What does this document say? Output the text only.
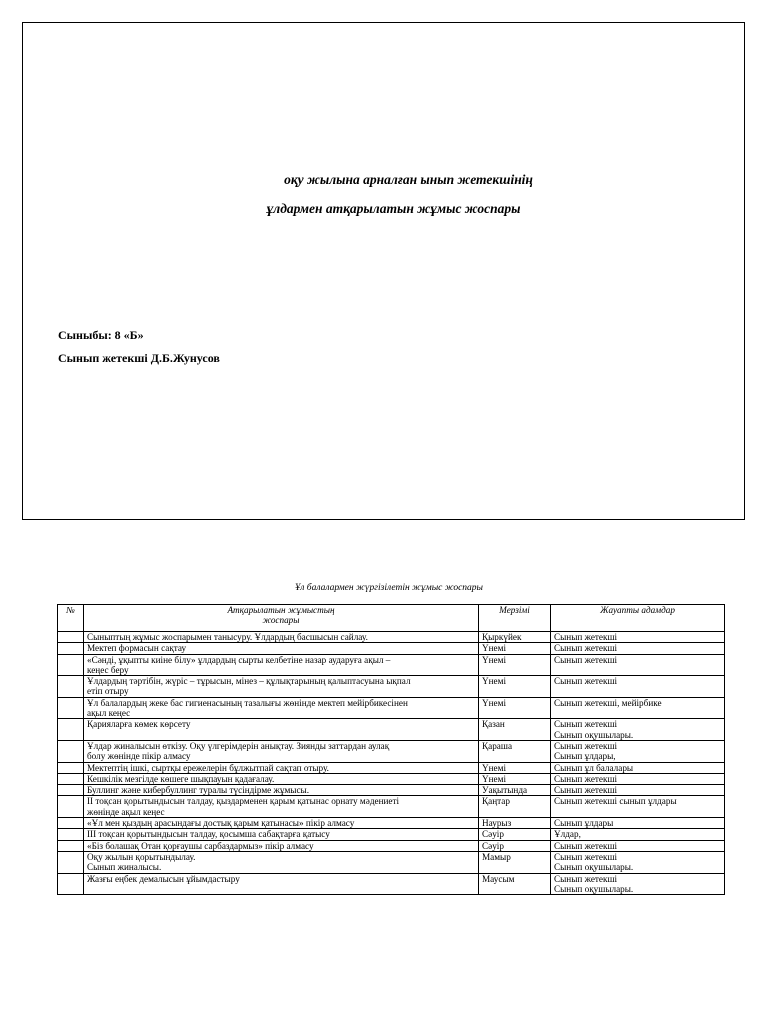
оқу жылына арналған ынып жетекшінің
ұлдармен атқарылатын жұмыс жоспары
Сыныбы: 8 «Б»
Сынып жетекші Д.Б.Жунусов
Ұл балалармен жүргізілетін жұмыс жоспары
№	Атқарылатын жұмыстың
жоспары	Мерзімі	Жауапты адамдар

	Сыныптың жұмыс жоспарымен танысуру. Ұлдардың басшысын сайлау.	Қыркүйек	Сынып жетекші

	Мектеп формасын сақтау	Үнемі	Сынып жетекші

	«Сәнді, ұқыпты киіне білу» ұлдардың сырты келбетіне назар аударуға ақыл –
кеңес беру	Үнемі	Сынып жетекші

	Ұлдардың тәртібін, жүріс – тұрысын, мінез – құлықтарының қалыптасуына ықпал
етіп отыру	Үнемі	Сынып жетекші

	Ұл балалардың жеке бас гигиенасының тазалығы жөнінде мектеп мейірбикесінен
ақыл кеңес	Үнемі	Сынып жетекші, мейірбике

	Қарияларға көмек көрсету	Қазан	Сынып жетекші
Сынып оқушылары.

	Ұлдар жиналысын өткізу. Оқу үлгерімдерін анықтау. Зиянды заттардан аулақ
болу жөнінде пікір алмасу	Қараша	Сынып жетекші
Сынып ұлдары,

	Мектептің ішкі, сыртқы ережелерін бұлжытпай сақтап отыру.	Үнемі	Сынып ұл балалары

	Кешкілік мезгілде көшеге шықпауын қадағалау.	Үнемі	Сынып жетекші

	Буллинг және кибербуллинг туралы түсіндірме жұмысы.	Уақытында	Сынып жетекші

	ІІ тоқсан қорытындысын талдау, қыздарменен қарым қатынас орнату мәдениеті
жөнінде ақыл кеңес	Қаңтар	Сынып жетекші сынып ұлдары

	«Ұл мен қыздың арасындағы достық қарым қатынасы» пікір алмасу	Наурыз	Сынып ұлдары

	ІІІ тоқсан қорытындысын талдау, қосымша сабақтарға қатысу	Сәуір	Ұлдар,

	«Біз болашақ Отан қорғаушы сарбаздармыз» пікір алмасу	Сәуір	Сынып жетекші

	Оқу жылын қорытындылау.
Сынып жиналысы.	Мамыр	Сынып жетекші
Сынып оқушылары.

	Жазғы еңбек демалысын ұйымдастыру	Маусым	Сынып жетекші
Сынып оқушылары.
